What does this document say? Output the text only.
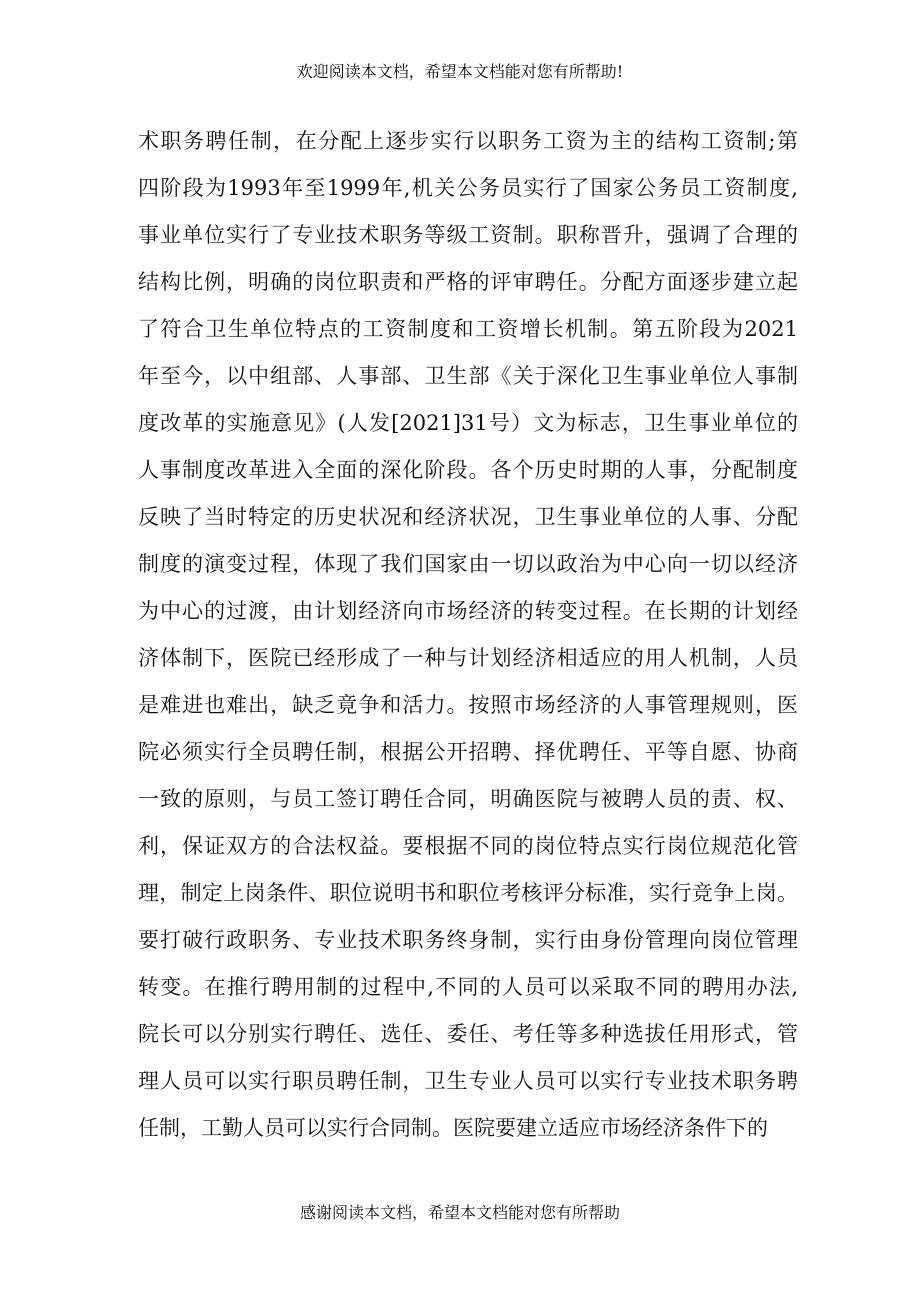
欢迎阅读本文档，希望本文档能对您有所帮助!
术职务聘任制，在分配上逐步实行以职务工资为主的结构工资制;第
四阶段为1993年至1999年,机关公务员实行了国家公务员工资制度,
事业单位实行了专业技术职务等级工资制。职称晋升，强调了合理的
结构比例，明确的岗位职责和严格的评审聘任。分配方面逐步建立起
了符合卫生单位特点的工资制度和工资增长机制。第五阶段为2021
年至今，以中组部、人事部、卫生部《关于深化卫生事业单位人事制
度改革的实施意见》(人发[2021]31号）文为标志，卫生事业单位的
人事制度改革进入全面的深化阶段。各个历史时期的人事，分配制度
反映了当时特定的历史状况和经济状况，卫生事业单位的人事、分配
制度的演变过程，体现了我们国家由一切以政治为中心向一切以经济
为中心的过渡，由计划经济向市场经济的转变过程。在长期的计划经
济体制下，医院已经形成了一种与计划经济相适应的用人机制，人员
是难进也难出，缺乏竟争和活力。按照市场经济的人事管理规则，医
院必须实行全员聘任制，根据公开招聘、择优聘任、平等自愿、协商
一致的原则，与员工签订聘任合同，明确医院与被聘人员的责、权、
利，保证双方的合法权益。要根据不同的岗位特点实行岗位规范化管
理，制定上岗条件、职位说明书和职位考核评分标准，实行竞争上岗。
要打破行政职务、专业技术职务终身制，实行由身份管理向岗位管理
转变。在推行聘用制的过程中,不同的人员可以采取不同的聘用办法,
院长可以分别实行聘任、选任、委任、考任等多种选拔任用形式，管
理人员可以实行职员聘任制，卫生专业人员可以实行专业技术职务聘
任制，工勤人员可以实行合同制。医院要建立适应市场经济条件下的
感谢阅读本文档，希望本文档能对您有所帮助
